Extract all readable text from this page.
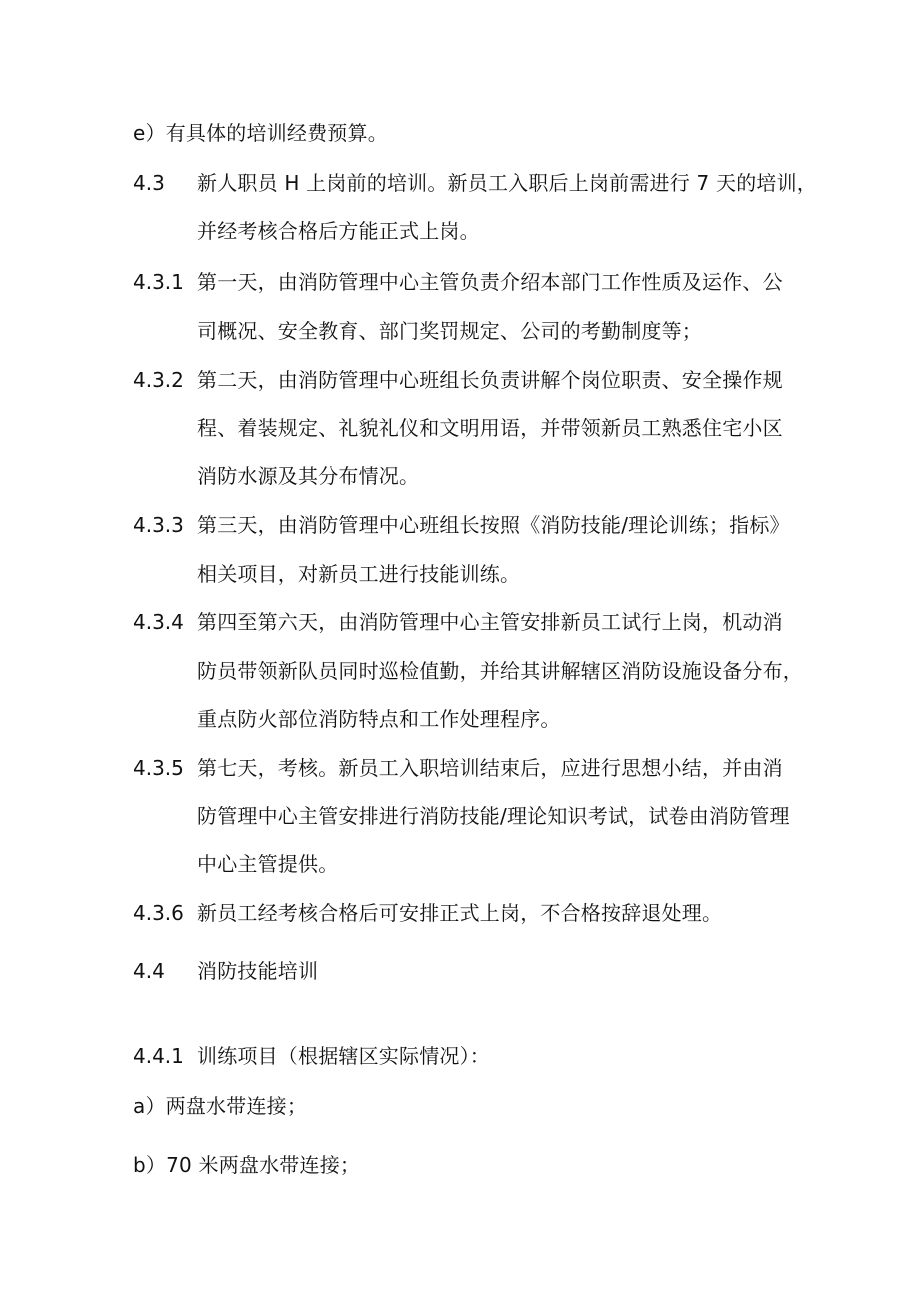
e）有具体的培训经费预算。
4.3 新人职员 H 上岗前的培训。新员工入职后上岗前需进行 7 天的培训，
并经考核合格后方能正式上岗。
4.3.1 第一天，由消防管理中心主管负责介绍本部门工作性质及运作、公
司概况、安全教育、部门奖罚规定、公司的考勤制度等；
4.3.2 第二天，由消防管理中心班组长负责讲解个岗位职责、安全操作规
程、着装规定、礼貌礼仪和文明用语，并带领新员工熟悉住宅小区
消防水源及其分布情况。
4.3.3 第三天，由消防管理中心班组长按照《消防技能/理论训练；指标》
相关项目，对新员工进行技能训练。
4.3.4 第四至第六天，由消防管理中心主管安排新员工试行上岗，机动消
防员带领新队员同时巡检值勤，并给其讲解辖区消防设施设备分布，
重点防火部位消防特点和工作处理程序。
4.3.5 第七天，考核。新员工入职培训结束后，应进行思想小结，并由消
防管理中心主管安排进行消防技能/理论知识考试，试卷由消防管理
中心主管提供。
4.3.6 新员工经考核合格后可安排正式上岗，不合格按辞退处理。
4.4 消防技能培训
4.4.1 训练项目（根据辖区实际情况）：
a）两盘水带连接；
b）70 米两盘水带连接；
